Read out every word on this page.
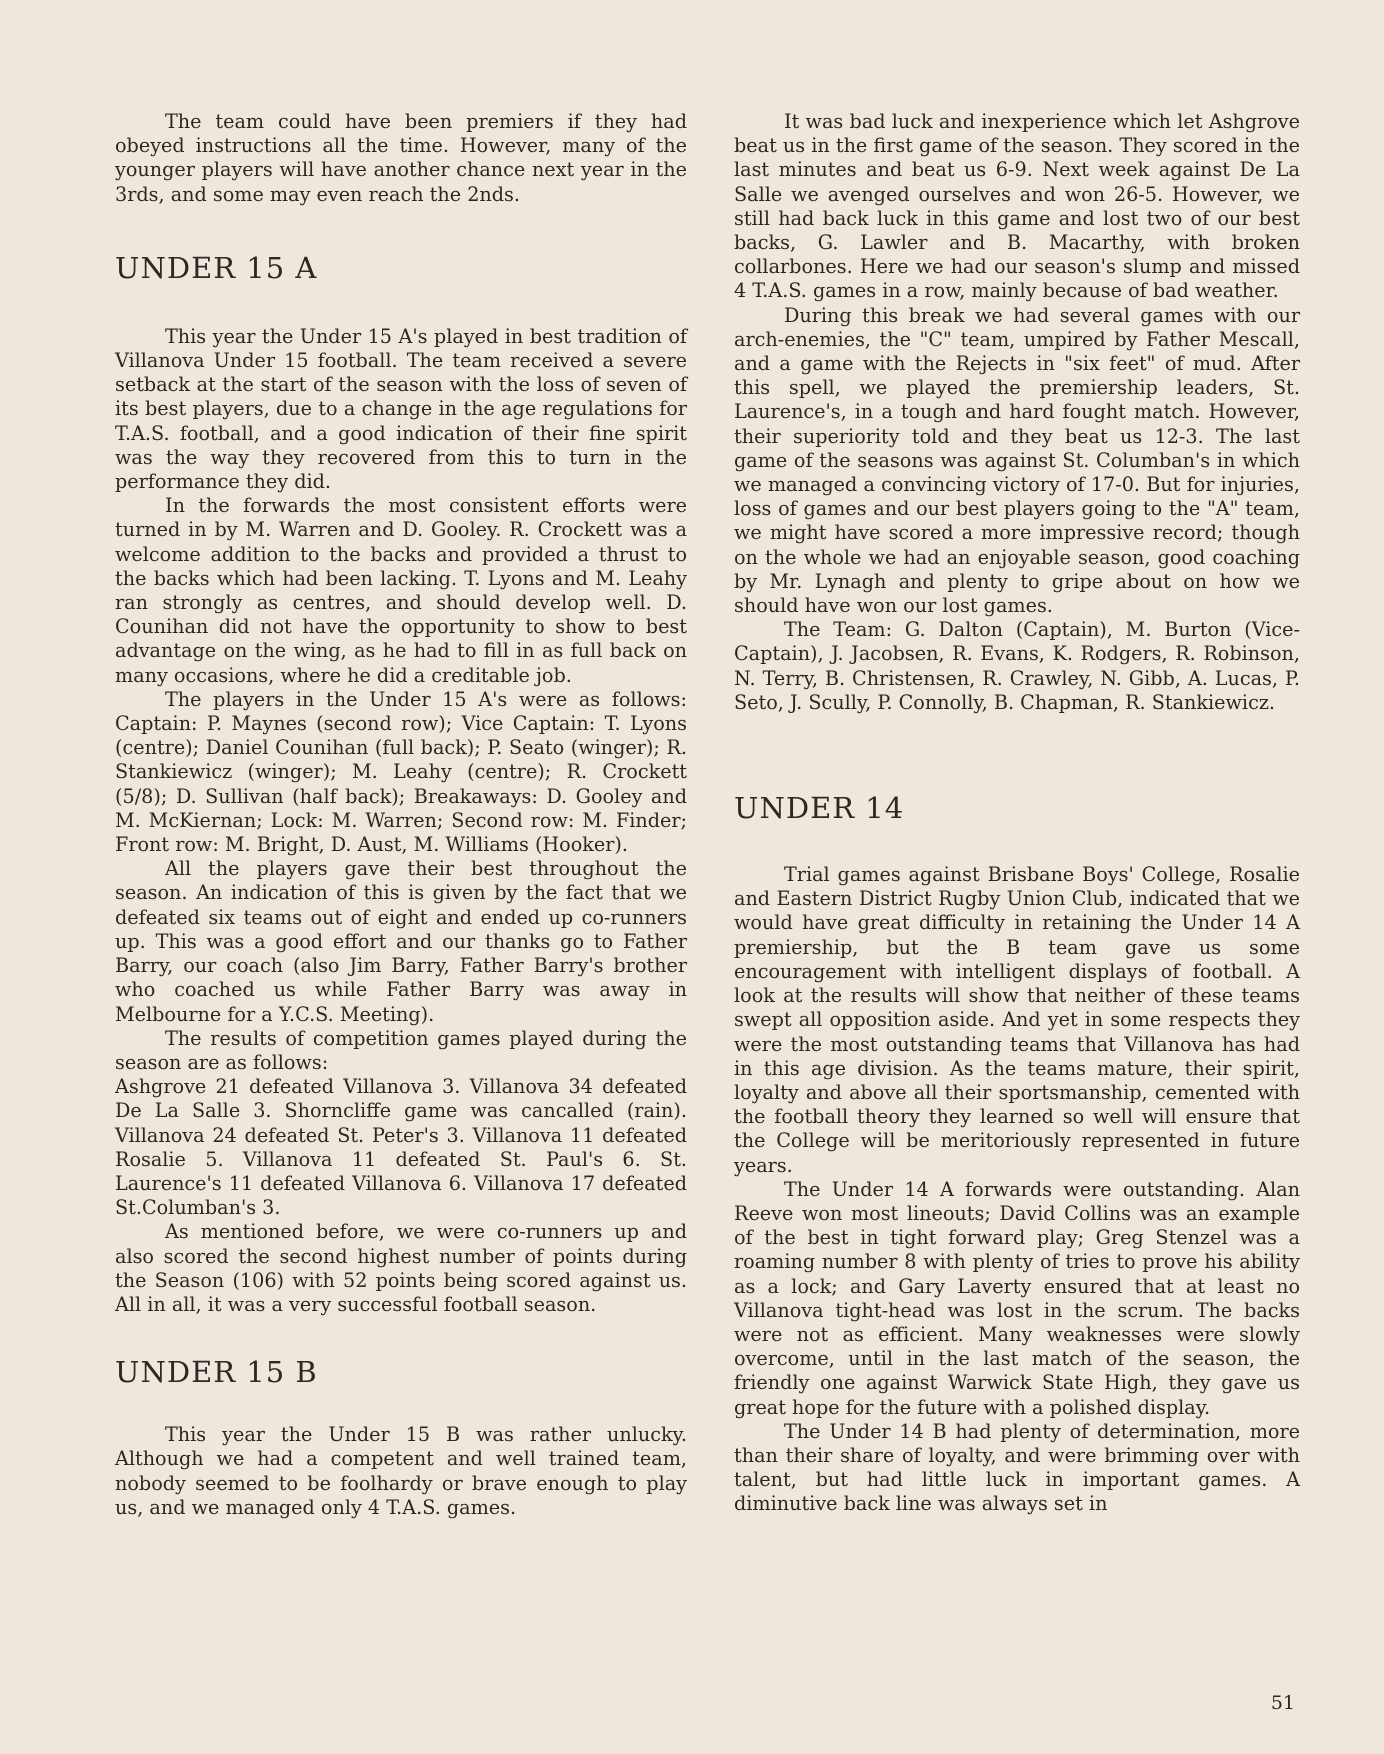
The team could have been premiers if they had obeyed instructions all the time. However, many of the younger players will have another chance next year in the 3rds, and some may even reach the 2nds.

UNDER 15 A

This year the Under 15 A's played in best tradition of Villanova Under 15 football. The team received a severe setback at the start of the season with the loss of seven of its best players, due to a change in the age regulations for T.A.S. football, and a good indication of their fine spirit was the way they recovered from this to turn in the performance they did.

In the forwards the most consistent efforts were turned in by M. Warren and D. Gooley. R. Crockett was a welcome addition to the backs and provided a thrust to the backs which had been lacking. T. Lyons and M. Leahy ran strongly as centres, and should develop well. D. Counihan did not have the opportunity to show to best advantage on the wing, as he had to fill in as full back on many occasions, where he did a creditable job.

The players in the Under 15 A's were as follows: Captain: P. Maynes (second row); Vice Captain: T. Lyons (centre); Daniel Counihan (full back); P. Seato (winger); R. Stankiewicz (winger); M. Leahy (centre); R. Crockett (5/8); D. Sullivan (half back); Breakaways: D. Gooley and M. McKiernan; Lock: M. Warren; Second row: M. Finder; Front row: M. Bright, D. Aust, M. Williams (Hooker).

All the players gave their best throughout the season. An indication of this is given by the fact that we defeated six teams out of eight and ended up co-runners up. This was a good effort and our thanks go to Father Barry, our coach (also Jim Barry, Father Barry's brother who coached us while Father Barry was away in Melbourne for a Y.C.S. Meeting).

The results of competition games played during the season are as follows:

Ashgrove 21 defeated Villanova 3. Villanova 34 defeated De La Salle 3. Shorncliffe game was cancalled (rain). Villanova 24 defeated St. Peter's 3. Villanova 11 defeated Rosalie 5. Villanova 11 defeated St. Paul's 6. St. Laurence's 11 defeated Villanova 6. Villanova 17 defeated St.Columban's 3.

As mentioned before, we were co-runners up and also scored the second highest number of points during the Season (106) with 52 points being scored against us. All in all, it was a very successful football season.

UNDER 15 B

This year the Under 15 B was rather unlucky. Although we had a competent and well trained team, nobody seemed to be foolhardy or brave enough to play us, and we managed only 4 T.A.S. games.

It was bad luck and inexperience which let Ashgrove beat us in the first game of the season. They scored in the last minutes and beat us 6-9. Next week against De La Salle we avenged ourselves and won 26-5. However, we still had back luck in this game and lost two of our best backs, G. Lawler and B. Macarthy, with broken collarbones. Here we had our season's slump and missed 4 T.A.S. games in a row, mainly because of bad weather.

During this break we had several games with our arch-enemies, the "C" team, umpired by Father Mescall, and a game with the Rejects in "six feet" of mud. After this spell, we played the premiership leaders, St. Laurence's, in a tough and hard fought match. However, their superiority told and they beat us 12-3. The last game of the seasons was against St. Columban's in which we managed a convincing victory of 17-0. But for injuries, loss of games and our best players going to the "A" team, we might have scored a more impressive record; though on the whole we had an enjoyable season, good coaching by Mr. Lynagh and plenty to gripe about on how we should have won our lost games.

The Team: G. Dalton (Captain), M. Burton (Vice-Captain), J. Jacobsen, R. Evans, K. Rodgers, R. Robinson, N. Terry, B. Christensen, R. Crawley, N. Gibb, A. Lucas, P. Seto, J. Scully, P. Connolly, B. Chapman, R. Stankiewicz.

UNDER 14

Trial games against Brisbane Boys' College, Rosalie and Eastern District Rugby Union Club, indicated that we would have great difficulty in retaining the Under 14 A premiership, but the B team gave us some encouragement with intelligent displays of football. A look at the results will show that neither of these teams swept all opposition aside. And yet in some respects they were the most outstanding teams that Villanova has had in this age division. As the teams mature, their spirit, loyalty and above all their sportsmanship, cemented with the football theory they learned so well will ensure that the College will be meritoriously represented in future years.

The Under 14 A forwards were outstanding. Alan Reeve won most lineouts; David Collins was an example of the best in tight forward play; Greg Stenzel was a roaming number 8 with plenty of tries to prove his ability as a lock; and Gary Laverty ensured that at least no Villanova tight-head was lost in the scrum. The backs were not as efficient. Many weaknesses were slowly overcome, until in the last match of the season, the friendly one against Warwick State High, they gave us great hope for the future with a polished display.

The Under 14 B had plenty of determination, more than their share of loyalty, and were brimming over with talent, but had little luck in important games. A diminutive back line was always set in

51
